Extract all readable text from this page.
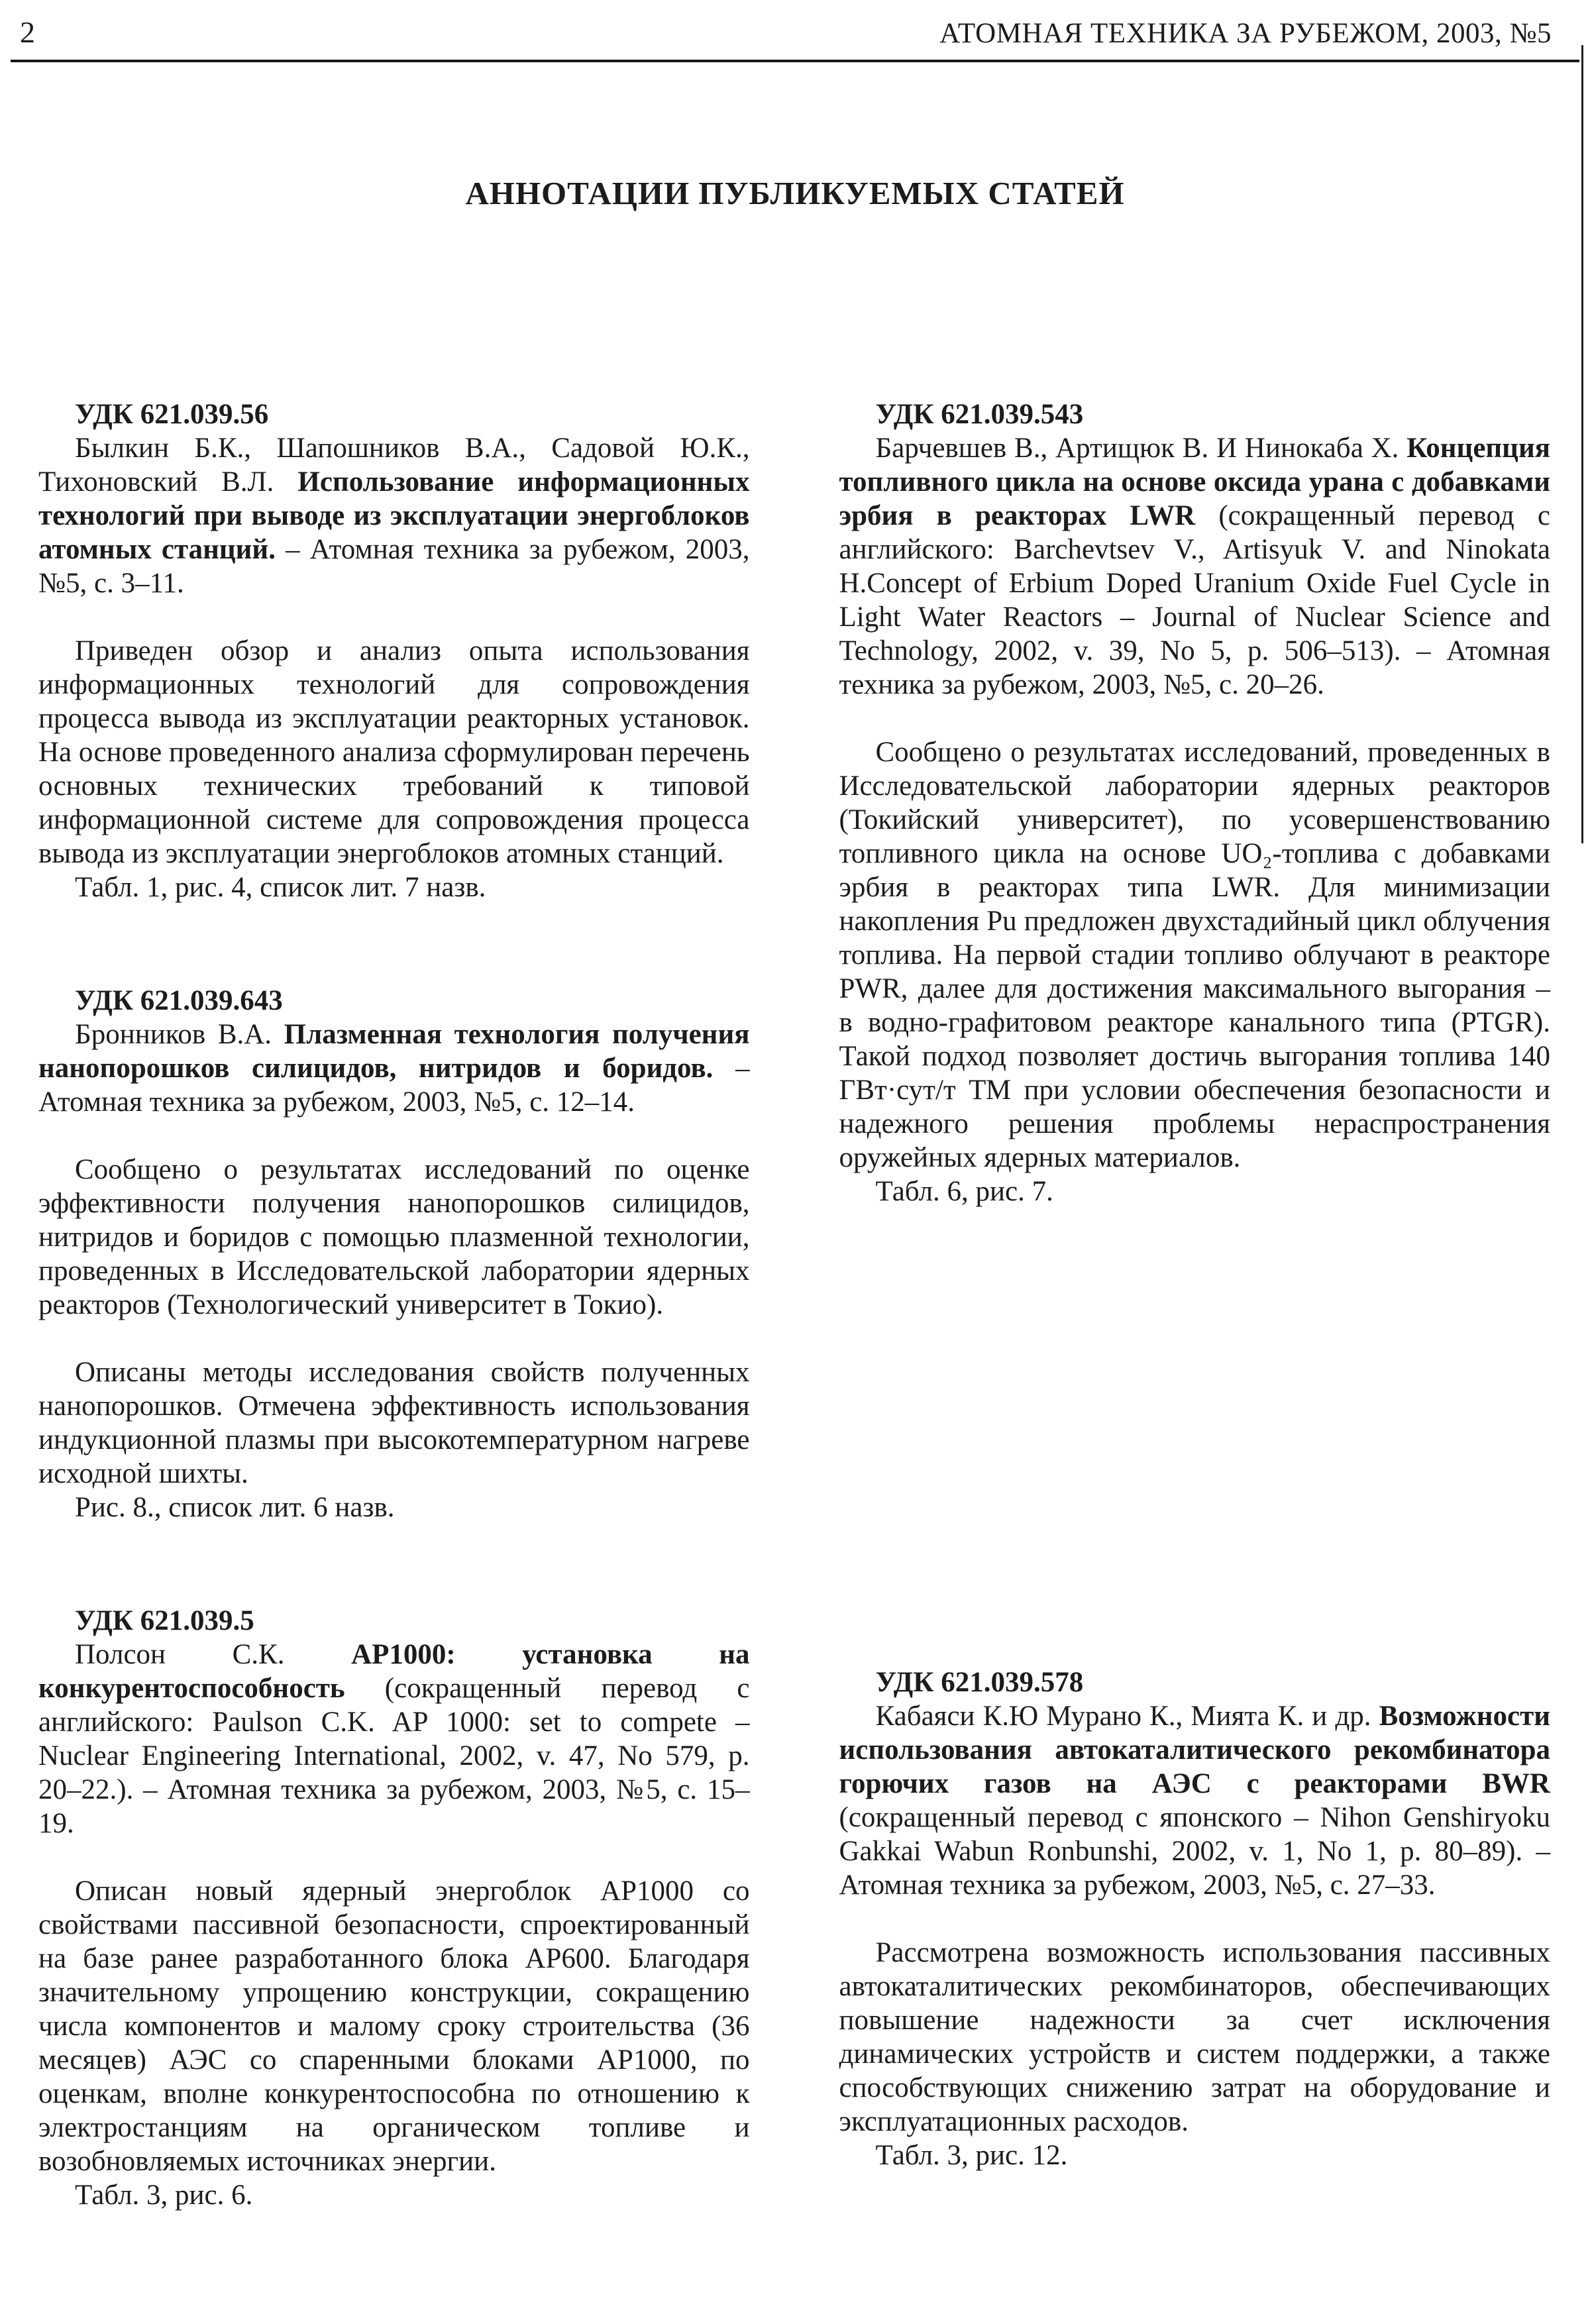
2	АТОМНАЯ ТЕХНИКА ЗА РУБЕЖОМ, 2003, №5
АННОТАЦИИ ПУБЛИКУЕМЫХ СТАТЕЙ
УДК 621.039.56

Былкин Б.К., Шапошников В.А., Садовой Ю.К., Тихоновский В.Л. Использование информационных технологий при выводе из эксплуатации энергоблоков атомных станций. – Атомная техника за рубежом, 2003, №5, с. 3–11.

Приведен обзор и анализ опыта использования информационных технологий для сопровождения процесса вывода из эксплуатации реакторных установок. На основе проведенного анализа сформулирован перечень основных технических требований к типовой информационной системе для сопровождения процесса вывода из эксплуатации энергоблоков атомных станций.

Табл. 1, рис. 4, список лит. 7 назв.

УДК 621.039.643

Бронников В.А. Плазменная технология получения нанопорошков силицидов, нитридов и боридов. – Атомная техника за рубежом, 2003, №5, с. 12–14.

Сообщено о результатах исследований по оценке эффективности получения нанопорошков силицидов, нитридов и боридов с помощью плазменной технологии, проведенных в Исследовательской лаборатории ядерных реакторов (Технологический университет в Токио).

Описаны методы исследования свойств полученных нанопорошков. Отмечена эффективность использования индукционной плазмы при высокотемпературном нагреве исходной шихты.

Рис. 8., список лит. 6 назв.

УДК 621.039.5

Полсон С.К. АР1000: установка на конкурентоспособность (сокращенный перевод с английского: Paulson C.K. AP 1000: set to compete – Nuclear Engineering International, 2002, v. 47, No 579, p. 20–22.). – Атомная техника за рубежом, 2003, №5, с. 15–19.

Описан новый ядерный энергоблок АР1000 со свойствами пассивной безопасности, спроектированный на базе ранее разработанного блока АР600. Благодаря значительному упрощению конструкции, сокращению числа компонентов и малому сроку строительства (36 месяцев) АЭС со спаренными блоками АР1000, по оценкам, вполне конкурентоспособна по отношению к электростанциям на органическом топливе и возобновляемых источниках энергии.

Табл. 3, рис. 6.

УДК 621.039.543

Барчевшев В., Артищюк В. И Нинокаба Х. Концепция топливного цикла на основе оксида урана с добавками эрбия в реакторах LWR (сокращенный перевод с английского: Barchevtsev V., Artisyuk V. and Ninokata H.Concept of Erbium Doped Uranium Oxide Fuel Cycle in Light Water Reactors – Journal of Nuclear Science and Technology, 2002, v. 39, No 5, p. 506–513). – Атомная техника за рубежом, 2003, №5, с. 20–26.

Сообщено о результатах исследований, проведенных в Исследовательской лаборатории ядерных реакторов (Токийский университет), по усовершенствованию топливного цикла на основе UO₂-топлива с добавками эрбия в реакторах типа LWR. Для минимизации накопления Pu предложен двухстадийный цикл облучения топлива. На первой стадии топливо облучают в реакторе PWR, далее для достижения максимального выгорания – в водно-графитовом реакторе канального типа (PTGR). Такой подход позволяет достичь выгорания топлива 140 ГВт·сут/т ТМ при условии обеспечения безопасности и надежного решения проблемы нераспространения оружейных ядерных материалов.

Табл. 6, рис. 7.

УДК 621.039.578

Кабаяси К.Ю Мурано К., Мията К. и др. Возможности использования автокаталитического рекомбинатора горючих газов на АЭС с реакторами BWR (сокращенный перевод с японского – Nihon Genshiryoku Gakkai Wabun Ronbunshi, 2002, v. 1, No 1, p. 80–89). – Атомная техника за рубежом, 2003, №5, с. 27–33.

Рассмотрена возможность использования пассивных автокаталитических рекомбинаторов, обеспечивающих повышение надежности за счет исключения динамических устройств и систем поддержки, а также способствующих снижению затрат на оборудование и эксплуатационных расходов.

Табл. 3, рис. 12.
